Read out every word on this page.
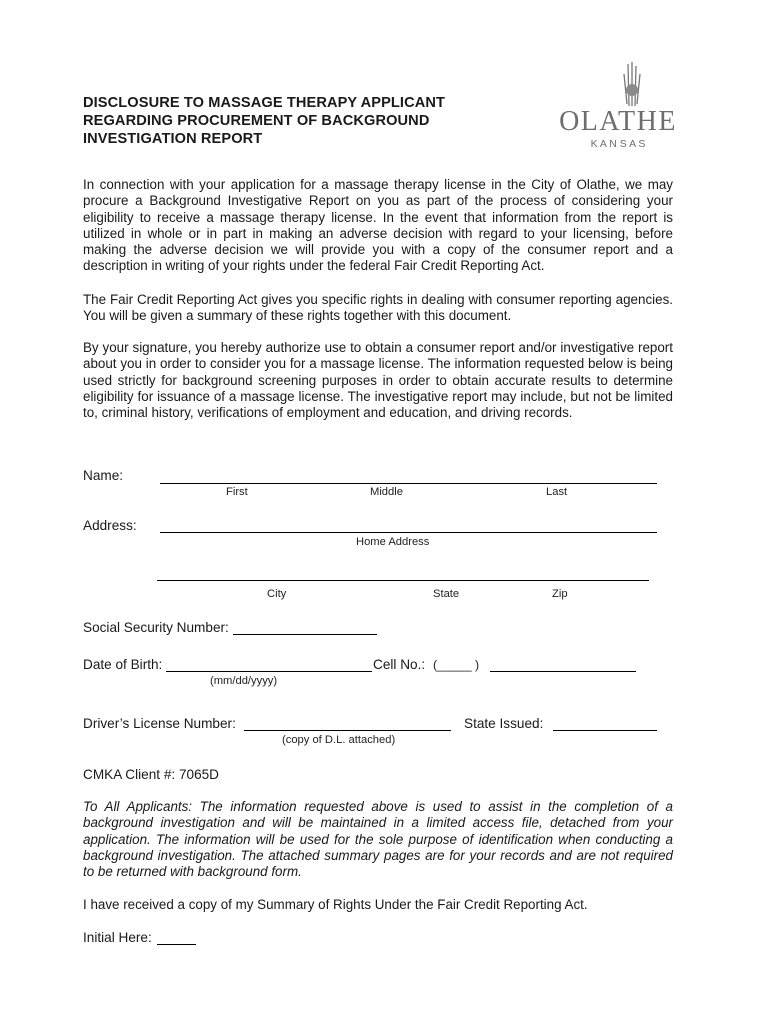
DISCLOSURE TO MASSAGE THERAPY APPLICANT
REGARDING PROCUREMENT OF BACKGROUND
INVESTIGATION REPORT
OLATHE
K A N S A S
In connection with your application for a massage therapy license in the City of Olathe, we may procure a Background Investigative Report on you as part of the process of considering your eligibility to receive a massage therapy license. In the event that information from the report is utilized in whole or in part in making an adverse decision with regard to your licensing, before making the adverse decision we will provide you with a copy of the consumer report and a description in writing of your rights under the federal Fair Credit Reporting Act.
The Fair Credit Reporting Act gives you specific rights in dealing with consumer reporting agencies. You will be given a summary of these rights together with this document.
By your signature, you hereby authorize use to obtain a consumer report and/or investigative report about you in order to consider you for a massage license. The information requested below is being used strictly for background screening purposes in order to obtain accurate results to determine eligibility for issuance of a massage license. The investigative report may include, but not be limited to, criminal history, verifications of employment and education, and driving records.
Name:
First	Middle	Last
Address:
Home Address
City	State	Zip
Social Security Number:
Date of Birth:
(mm/dd/yyyy)
Cell No.: (_____ )
Driver’s License Number:
(copy of D.L. attached)
State Issued:
CMKA Client #: 7065D
To All Applicants: The information requested above is used to assist in the completion of a background investigation and will be maintained in a limited access file, detached from your application. The information will be used for the sole purpose of identification when conducting a background investigation. The attached summary pages are for your records and are not required to be returned with background form.
I have received a copy of my Summary of Rights Under the Fair Credit Reporting Act.
Initial Here:
